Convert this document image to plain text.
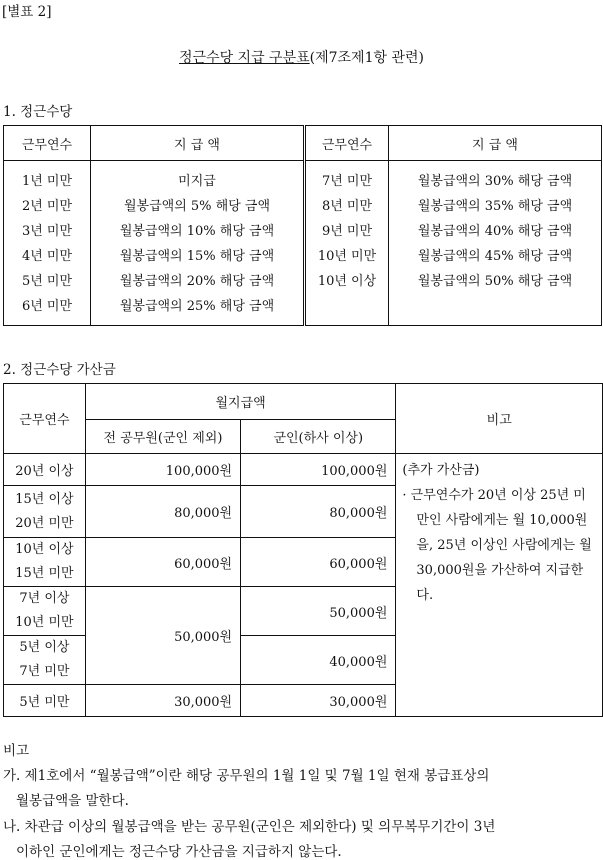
[별표 2]
정근수당 지급 구분표(제7조제1항 관련)
1. 정근수당
근무연수	지 급 액	근무연수	지 급 액
1년 미만	미지급	7년 미만	월봉급액의 30% 해당 금액
2년 미만	월봉급액의 5% 해당 금액	8년 미만	월봉급액의 35% 해당 금액
3년 미만	월봉급액의 10% 해당 금액	9년 미만	월봉급액의 40% 해당 금액
4년 미만	월봉급액의 15% 해당 금액	10년 미만	월봉급액의 45% 해당 금액
5년 미만	월봉급액의 20% 해당 금액	10년 이상	월봉급액의 50% 해당 금액
6년 미만	월봉급액의 25% 해당 금액		
2. 정근수당 가산금
근무연수	월지급액		비고
	전 공무원(군인 제외)	군인(하사 이상)	
20년 이상	100,000원	100,000원	(추가 가산금)
· 근무연수가 20년 이상 25년 미만인 사람에게는 월 10,000원을, 25년 이상인 사람에게는 월 30,000원을 가산하여 지급한다.

15년 이상
20년 미만	80,000원	80,000원	
10년 이상
15년 미만	60,000원	60,000원	
7년 이상
10년 미만	50,000원	50,000원	
5년 이상
7년 미만		40,000원	
5년 미만	30,000원	30,000원	
비고
가. 제1호에서 “월봉급액”이란 해당 공무원의 1월 1일 및 7월 1일 현재 봉급표상의
월봉급액을 말한다.
나. 차관급 이상의 월봉급액을 받는 공무원(군인은 제외한다) 및 의무복무기간이 3년
이하인 군인에게는 정근수당 가산금을 지급하지 않는다.
